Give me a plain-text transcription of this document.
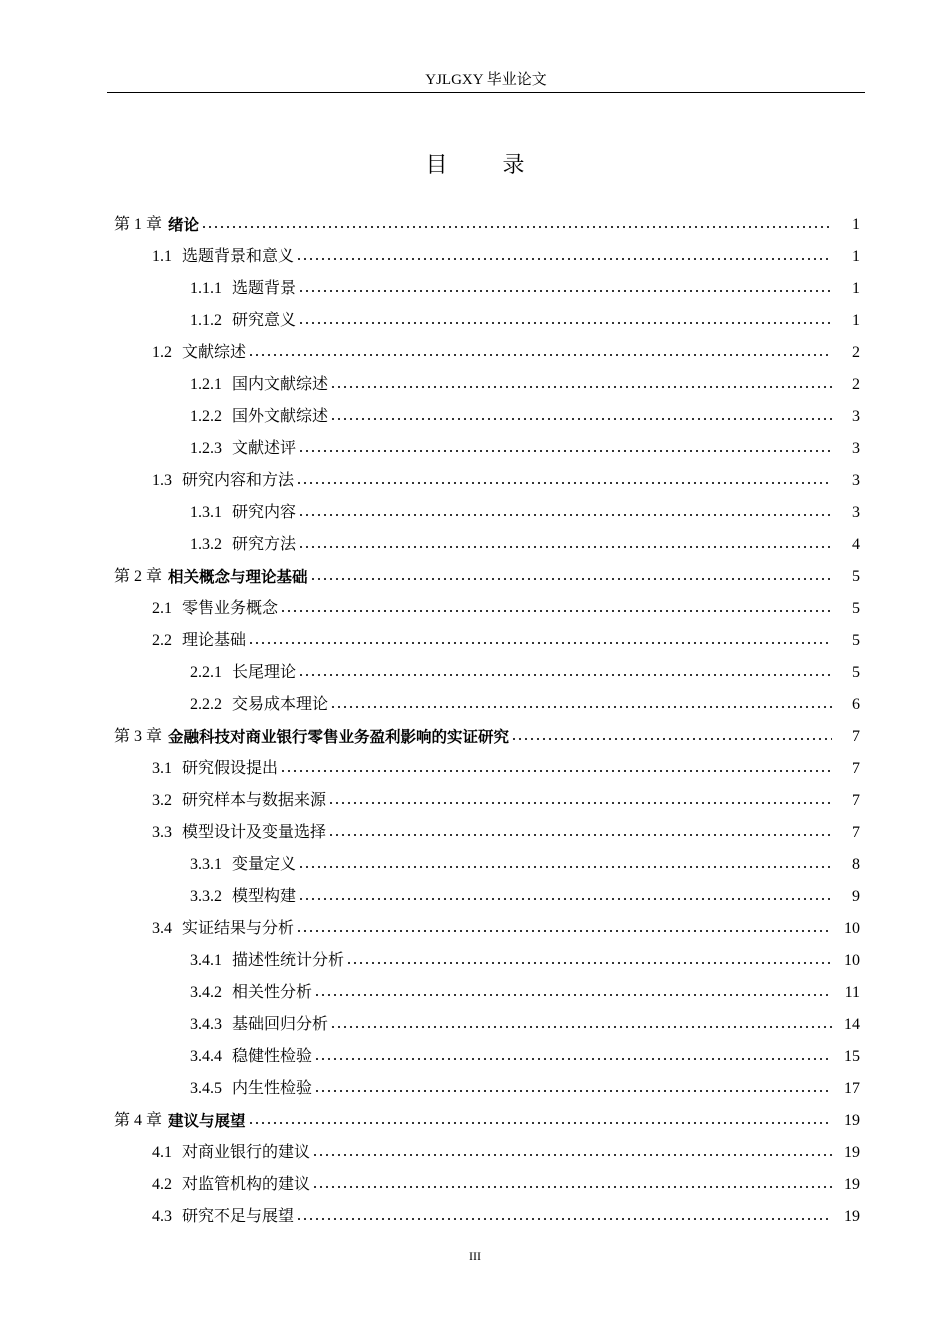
YJLGXY 毕业论文
目 录
第 1 章 绪论	1
1.1 选题背景和意义	1
1.1.1 选题背景	1
1.1.2 研究意义	1
1.2 文献综述	2
1.2.1 国内文献综述	2
1.2.2 国外文献综述	3
1.2.3 文献述评	3
1.3 研究内容和方法	3
1.3.1 研究内容	3
1.3.2 研究方法	4
第 2 章 相关概念与理论基础	5
2.1 零售业务概念	5
2.2 理论基础	5
2.2.1 长尾理论	5
2.2.2 交易成本理论	6
第 3 章 金融科技对商业银行零售业务盈利影响的实证研究	7
3.1 研究假设提出	7
3.2 研究样本与数据来源	7
3.3 模型设计及变量选择	7
3.3.1 变量定义	8
3.3.2 模型构建	9
3.4 实证结果与分析	10
3.4.1 描述性统计分析	10
3.4.2 相关性分析	11
3.4.3 基础回归分析	14
3.4.4 稳健性检验	15
3.4.5 内生性检验	17
第 4 章 建议与展望	19
4.1 对商业银行的建议	19
4.2 对监管机构的建议	19
4.3 研究不足与展望	19
III
